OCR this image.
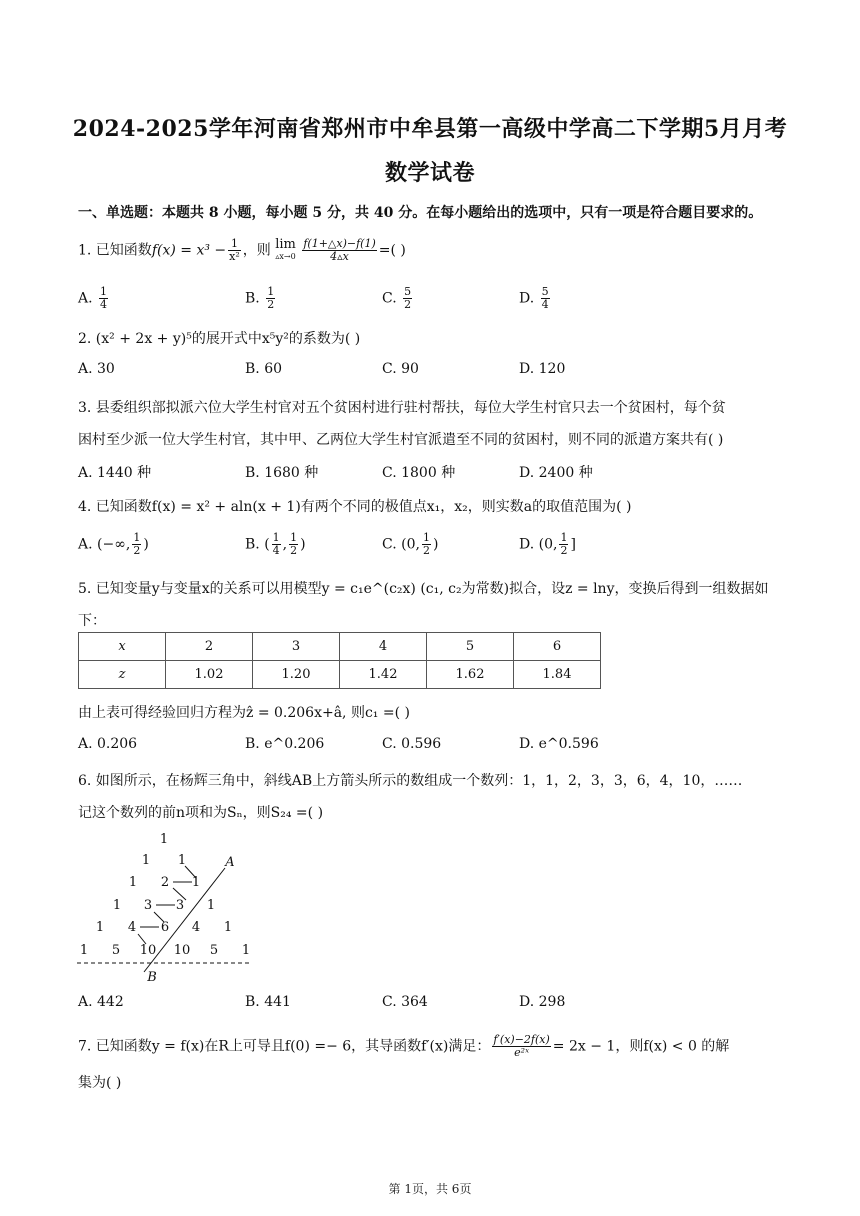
2024-2025学年河南省郑州市中牟县第一高级中学高二下学期5月月考
数学试卷
一、单选题：本题共 8 小题，每小题 5 分，共 40 分。在每小题给出的选项中，只有一项是符合题目要求的。
1. 已知函数$f(x) = x^3 - \frac{1}{\text{x²}}$ ，则 lim
▵x→0
$\frac{f(1+\triangle x)-f(1)}{4▵x}$ =( )
A. $\frac{1}{4}$	B. $\frac{1}{2}$	C. $\frac{5}{2}$	D. $\frac{5}{4}$
2. (x² + 2x + y)⁵的展开式中x⁵y²的系数为( )
A. 30	B. 60	C. 90	D. 120
3. 县委组织部拟派六位大学生村官对五个贫困村进行驻村帮扶，每位大学生村官只去一个贫困村，每个贫
困村至少派一位大学生村官，其中甲、乙两位大学生村官派遣至不同的贫困村，则不同的派遣方案共有( )
A. 1440 种	B. 1680 种	C. 1800 种	D. 2400 种
4. 已知函数f(x) = x² + aln(x + 1)有两个不同的极值点x₁，x₂，则实数a的取值范围为( )
A. (−∞, $\frac{1}{2}$ )	B. ( $\frac{1}{4}$ , $\frac{1}{2}$ )	C. (0, $\frac{1}{2}$ )	D. (0, $\frac{1}{2}$ ]
5. 已知变量y与变量x的关系可以用模型y = c₁e^(c₂x) (c₁, c₂为常数)拟合，设z = lny，变换后得到一组数据如
下：
x	2	3	4	5	6
z	1.02	1.20	1.42	1.62	1.84
由上表可得经验回归方程为ẑ = 0.206x+â, 则c₁ =( )
A. 0.206	B. e^0.206	C. 0.596	D. e^0.596
6. 如图所示，在杨辉三角中，斜线AB上方箭头所示的数组成一个数列：1，1，2，3，3，6，4，10，……
记这个数列的前n项和为Sₙ，则S₂₄ =( )
1
1 1
1 2 1
1 3 3 1
1 4 6 4 1
1 5 10 10 5 1
A
B
A. 442	B. 441	C. 364	D. 298
7. 已知函数y = f(x)在R上可导且f(0) =− 6，其导函数f′(x)满足： $\frac{f'(x)-2f(x)}{\text{e²ˣ}} = 2x - 1$，则f(x) < 0 的解
集为( )
第 1页，共 6页
